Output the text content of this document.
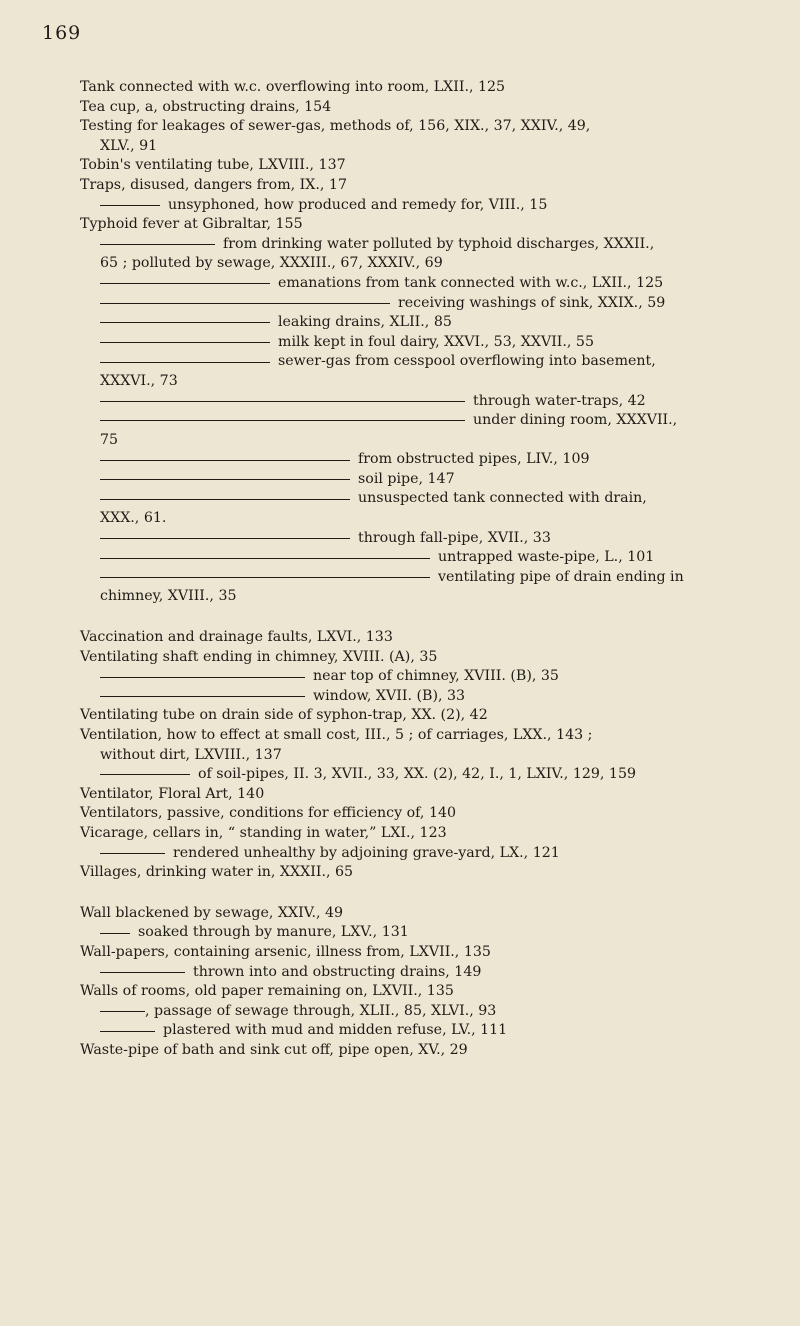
169
Tank connected with w.c. overflowing into room, LXII., 125
Tea cup, a, obstructing drains, 154
Testing for leakages of sewer-gas, methods of, 156, XIX., 37, XXIV., 49,
XLV., 91
Tobin's ventilating tube, LXVIII., 137
Traps, disused, dangers from, IX., 17
unsyphoned, how produced and remedy for, VIII., 15
Typhoid fever at Gibraltar, 155
from drinking water polluted by typhoid discharges, XXXII.,
65 ; polluted by sewage, XXXIII., 67, XXXIV., 69
emanations from tank connected with w.c., LXII., 125
receiving washings of sink, XXIX., 59
leaking drains, XLII., 85
milk kept in foul dairy, XXVI., 53, XXVII., 55
sewer-gas from cesspool overflowing into basement,
XXXVI., 73
through water-traps, 42
under dining room, XXXVII.,
75
from obstructed pipes, LIV., 109
soil pipe, 147
unsuspected tank connected with drain,
XXX., 61.
through fall-pipe, XVII., 33
untrapped waste-pipe, L., 101
ventilating pipe of drain ending in
chimney, XVIII., 35
Vaccination and drainage faults, LXVI., 133
Ventilating shaft ending in chimney, XVIII. (A), 35
near top of chimney, XVIII. (B), 35
window, XVII. (B), 33
Ventilating tube on drain side of syphon-trap, XX. (2), 42
Ventilation, how to effect at small cost, III., 5 ; of carriages, LXX., 143 ;
without dirt, LXVIII., 137
of soil-pipes, II. 3, XVII., 33, XX. (2), 42, I., 1, LXIV., 129, 159
Ventilator, Floral Art, 140
Ventilators, passive, conditions for efficiency of, 140
Vicarage, cellars in, “ standing in water,” LXI., 123
rendered unhealthy by adjoining grave-yard, LX., 121
Villages, drinking water in, XXXII., 65
Wall blackened by sewage, XXIV., 49
soaked through by manure, LXV., 131
Wall-papers, containing arsenic, illness from, LXVII., 135
thrown into and obstructing drains, 149
Walls of rooms, old paper remaining on, LXVII., 135
, passage of sewage through, XLII., 85, XLVI., 93
plastered with mud and midden refuse, LV., 111
Waste-pipe of bath and sink cut off, pipe open, XV., 29
